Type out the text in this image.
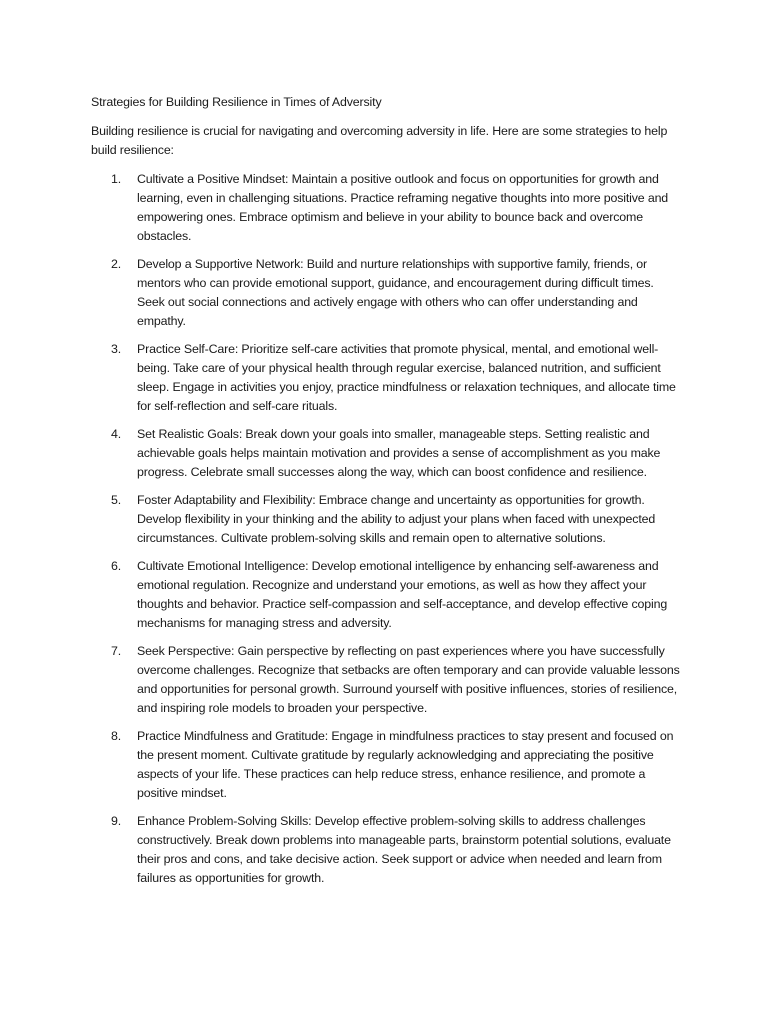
Strategies for Building Resilience in Times of Adversity

Building resilience is crucial for navigating and overcoming adversity in life. Here are some strategies to help build resilience:

1. Cultivate a Positive Mindset: Maintain a positive outlook and focus on opportunities for growth and learning, even in challenging situations. Practice reframing negative thoughts into more positive and empowering ones. Embrace optimism and believe in your ability to bounce back and overcome obstacles.
2. Develop a Supportive Network: Build and nurture relationships with supportive family, friends, or mentors who can provide emotional support, guidance, and encouragement during difficult times. Seek out social connections and actively engage with others who can offer understanding and empathy.
3. Practice Self-Care: Prioritize self-care activities that promote physical, mental, and emotional well-being. Take care of your physical health through regular exercise, balanced nutrition, and sufficient sleep. Engage in activities you enjoy, practice mindfulness or relaxation techniques, and allocate time for self-reflection and self-care rituals.
4. Set Realistic Goals: Break down your goals into smaller, manageable steps. Setting realistic and achievable goals helps maintain motivation and provides a sense of accomplishment as you make progress. Celebrate small successes along the way, which can boost confidence and resilience.
5. Foster Adaptability and Flexibility: Embrace change and uncertainty as opportunities for growth. Develop flexibility in your thinking and the ability to adjust your plans when faced with unexpected circumstances. Cultivate problem-solving skills and remain open to alternative solutions.
6. Cultivate Emotional Intelligence: Develop emotional intelligence by enhancing self-awareness and emotional regulation. Recognize and understand your emotions, as well as how they affect your thoughts and behavior. Practice self-compassion and self-acceptance, and develop effective coping mechanisms for managing stress and adversity.
7. Seek Perspective: Gain perspective by reflecting on past experiences where you have successfully overcome challenges. Recognize that setbacks are often temporary and can provide valuable lessons and opportunities for personal growth. Surround yourself with positive influences, stories of resilience, and inspiring role models to broaden your perspective.
8. Practice Mindfulness and Gratitude: Engage in mindfulness practices to stay present and focused on the present moment. Cultivate gratitude by regularly acknowledging and appreciating the positive aspects of your life. These practices can help reduce stress, enhance resilience, and promote a positive mindset.
9. Enhance Problem-Solving Skills: Develop effective problem-solving skills to address challenges constructively. Break down problems into manageable parts, brainstorm potential solutions, evaluate their pros and cons, and take decisive action. Seek support or advice when needed and learn from failures as opportunities for growth.
